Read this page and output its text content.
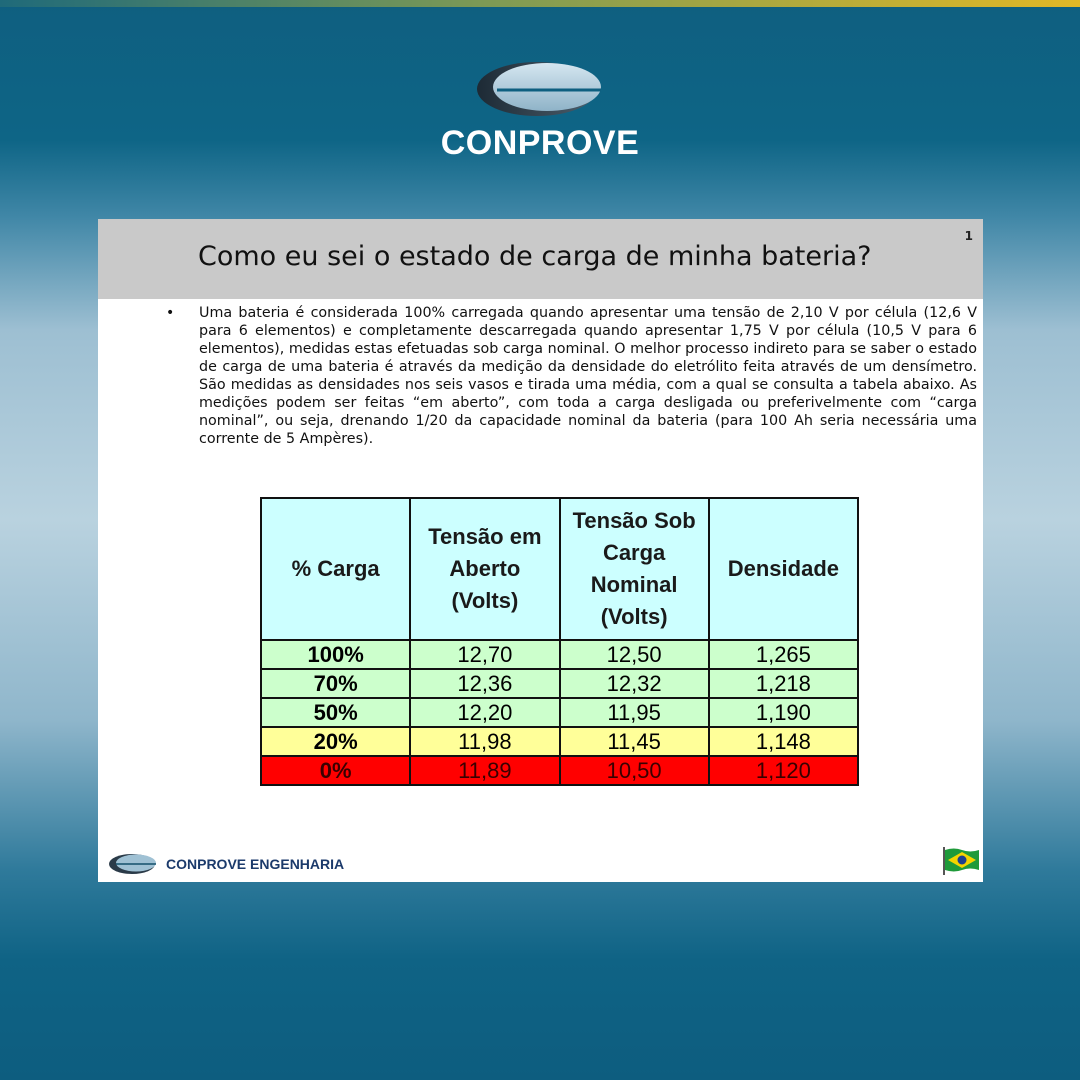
CONPROVE
Como eu sei o estado de carga de minha bateria?
1
• Uma bateria é considerada 100% carregada quando apresentar uma tensão de 2,10 V por célula (12,6 V para 6 elementos) e completamente descarregada quando apresentar 1,75 V por célula (10,5 V para 6 elementos), medidas estas efetuadas sob carga nominal. O melhor processo indireto para se saber o estado de carga de uma bateria é através da medição da densidade do eletrólito feita através de um densímetro. São medidas as densidades nos seis vasos e tirada uma média, com a qual se consulta a tabela abaixo. As medições podem ser feitas “em aberto”, com toda a carga desligada ou preferivelmente com “carga nominal”, ou seja, drenando 1/20 da capacidade nominal da bateria (para 100 Ah seria necessária uma corrente de 5 Ampères).
% Carga	Tensão em Aberto (Volts)	Tensão Sob Carga Nominal (Volts)	Densidade
100%	12,70	12,50	1,265
70%	12,36	12,32	1,218
50%	12,20	11,95	1,190
20%	11,98	11,45	1,148
0%	11,89	10,50	1,120
CONPROVE ENGENHARIA
